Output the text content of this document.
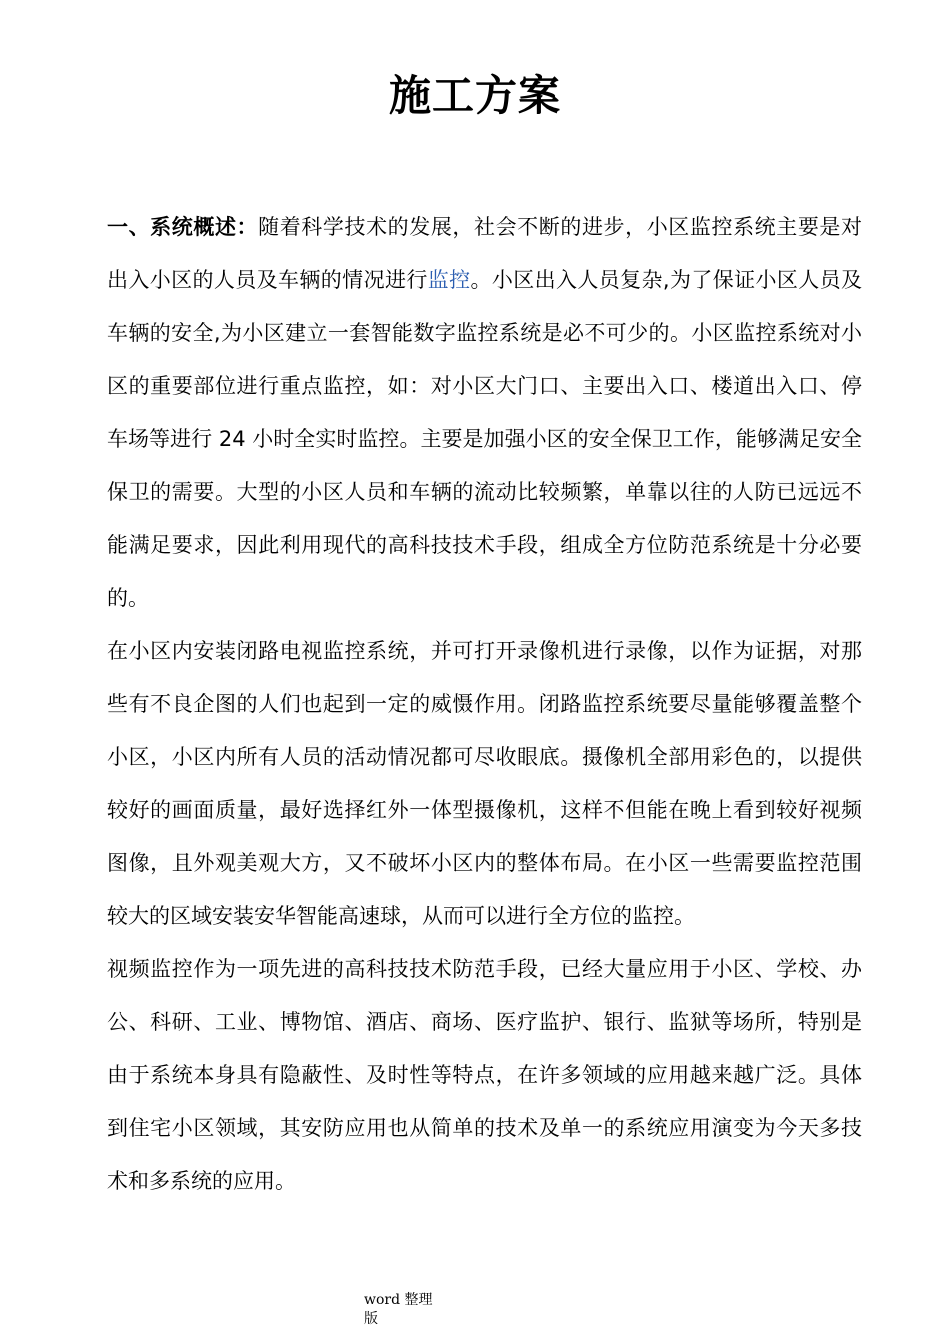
施工方案

一、系统概述：随着科学技术的发展，社会不断的进步，小区监控系统主要是对出入小区的人员及车辆的情况进行监控。小区出入人员复杂,为了保证小区人员及车辆的安全,为小区建立一套智能数字监控系统是必不可少的。小区监控系统对小区的重要部位进行重点监控，如：对小区大门口、主要出入口、楼道出入口、停车场等进行 24 小时全实时监控。主要是加强小区的安全保卫工作，能够满足安全保卫的需要。大型的小区人员和车辆的流动比较频繁，单靠以往的人防已远远不能满足要求，因此利用现代的高科技技术手段，组成全方位防范系统是十分必要的。

在小区内安装闭路电视监控系统，并可打开录像机进行录像，以作为证据，对那些有不良企图的人们也起到一定的威慑作用。闭路监控系统要尽量能够覆盖整个小区，小区内所有人员的活动情况都可尽收眼底。摄像机全部用彩色的，以提供较好的画面质量，最好选择红外一体型摄像机，这样不但能在晚上看到较好视频图像，且外观美观大方，又不破坏小区内的整体布局。在小区一些需要监控范围较大的区域安装安华智能高速球，从而可以进行全方位的监控。

视频监控作为一项先进的高科技技术防范手段，已经大量应用于小区、学校、办公、科研、工业、博物馆、酒店、商场、医疗监护、银行、监狱等场所，特别是由于系统本身具有隐蔽性、及时性等特点，在许多领域的应用越来越广泛。具体到住宅小区领域，其安防应用也从简单的技术及单一的系统应用演变为今天多技术和多系统的应用。

word 整理版
